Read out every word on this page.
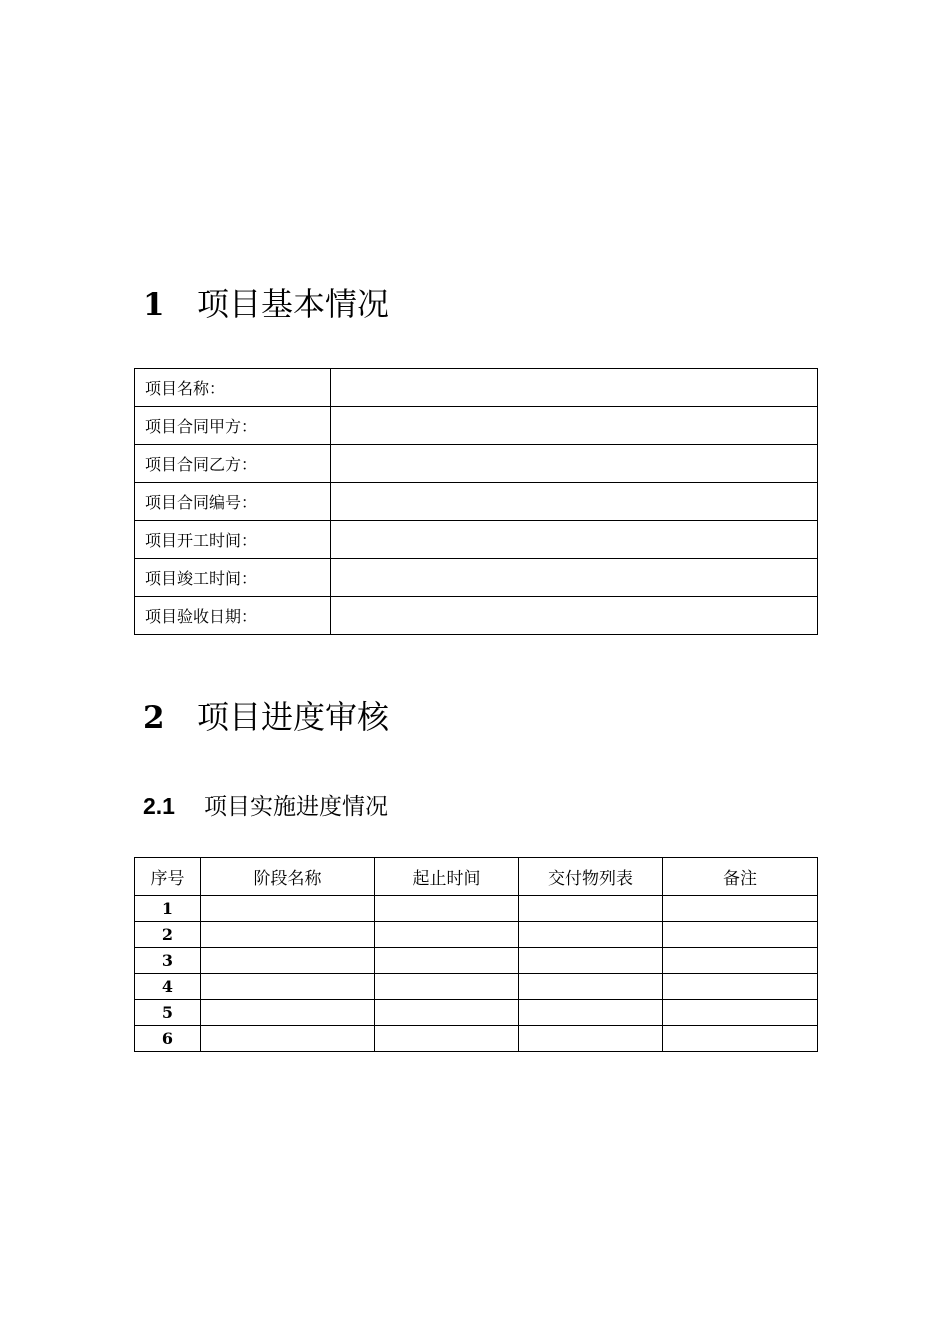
1 项目基本情况
项目名称：	
项目合同甲方：	
项目合同乙方：	
项目合同编号：	
项目开工时间：	
项目竣工时间：	
项目验收日期：	
2 项目进度审核
2.1 项目实施进度情况
序号	阶段名称	起止时间	交付物列表	备注
1				
2				
3				
4				
5				
6				
